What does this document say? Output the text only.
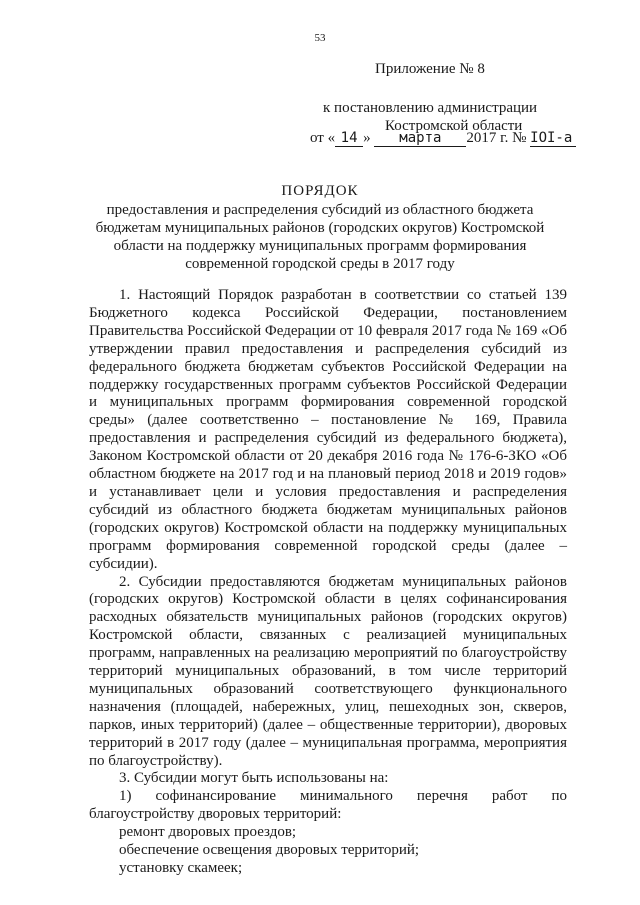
53
Приложение № 8
к постановлению администрации
Костромской области
от « 14 » марта 2017 г. № IOI-а
ПОРЯДОК
предоставления и распределения субсидий из областного бюджета бюджетам муниципальных районов (городских округов) Костромской области на поддержку муниципальных программ формирования современной городской среды в 2017 году

1. Настоящий Порядок разработан в соответствии со статьей 139 Бюджетного кодекса Российской Федерации, постановлением Правительства Российской Федерации от 10 февраля 2017 года № 169 «Об утверждении правил предоставления и распределения субсидий из федерального бюджета бюджетам субъектов Российской Федерации на поддержку государственных программ субъектов Российской Федерации и муниципальных программ формирования современной городской среды» (далее соответственно – постановление № 169, Правила предоставления и распределения субсидий из федерального бюджета), Законом Костромской области от 20 декабря 2016 года № 176-6-ЗКО «Об областном бюджете на 2017 год и на плановый период 2018 и 2019 годов» и устанавливает цели и условия предоставления и распределения субсидий из областного бюджета бюджетам муниципальных районов (городских округов) Костромской области на поддержку муниципальных программ формирования современной городской среды (далее – субсидии).

2. Субсидии предоставляются бюджетам муниципальных районов (городских округов) Костромской области в целях софинансирования расходных обязательств муниципальных районов (городских округов) Костромской области, связанных с реализацией муниципальных программ, направленных на реализацию мероприятий по благоустройству территорий муниципальных образований, в том числе территорий муниципальных образований соответствующего функционального назначения (площадей, набережных, улиц, пешеходных зон, скверов, парков, иных территорий) (далее – общественные территории), дворовых территорий в 2017 году (далее – муниципальная программа, мероприятия по благоустройству).

3. Субсидии могут быть использованы на:

1) софинансирование минимального перечня работ по

благоустройству дворовых территорий:

ремонт дворовых проездов;

обеспечение освещения дворовых территорий;

установку скамеек;
